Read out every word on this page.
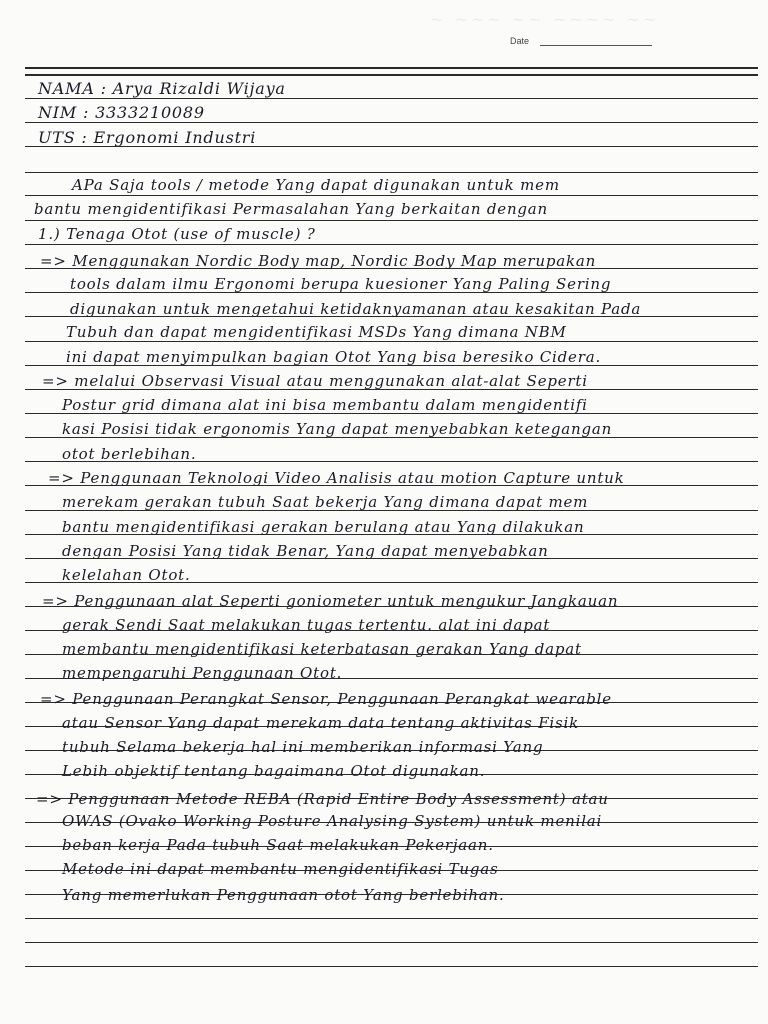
~ ~~~ ~~ ~~~~ ~~
Date
NAMA : Arya Rizaldi Wijaya
NIM : 3333210089
UTS : Ergonomi Industri
APa Saja tools / metode Yang dapat digunakan untuk mem
bantu mengidentifikasi Permasalahan Yang berkaitan dengan
1.) Tenaga Otot (use of muscle) ?
=> Menggunakan Nordic Body map, Nordic Body Map merupakan
tools dalam ilmu Ergonomi berupa kuesioner Yang Paling Sering
digunakan untuk mengetahui ketidaknyamanan atau kesakitan Pada
Tubuh dan dapat mengidentifikasi MSDs Yang dimana NBM
ini dapat menyimpulkan bagian Otot Yang bisa beresiko Cidera.
=> melalui Observasi Visual atau menggunakan alat-alat Seperti
Postur grid dimana alat ini bisa membantu dalam mengidentifi
kasi Posisi tidak ergonomis Yang dapat menyebabkan ketegangan
otot berlebihan.
=> Penggunaan Teknologi Video Analisis atau motion Capture untuk
merekam gerakan tubuh Saat bekerja Yang dimana dapat mem
bantu mengidentifikasi gerakan berulang atau Yang dilakukan
dengan Posisi Yang tidak Benar, Yang dapat menyebabkan
kelelahan Otot.
=> Penggunaan alat Seperti goniometer untuk mengukur Jangkauan
gerak Sendi Saat melakukan tugas tertentu. alat ini dapat
membantu mengidentifikasi keterbatasan gerakan Yang dapat
mempengaruhi Penggunaan Otot.
=> Penggunaan Perangkat Sensor, Penggunaan Perangkat wearable
atau Sensor Yang dapat merekam data tentang aktivitas Fisik
tubuh Selama bekerja hal ini memberikan informasi Yang
Lebih objektif tentang bagaimana Otot digunakan.
=> Penggunaan Metode REBA (Rapid Entire Body Assessment) atau
OWAS (Ovako Working Posture Analysing System) untuk menilai
beban kerja Pada tubuh Saat melakukan Pekerjaan.
Metode ini dapat membantu mengidentifikasi Tugas
Yang memerlukan Penggunaan otot Yang berlebihan.
